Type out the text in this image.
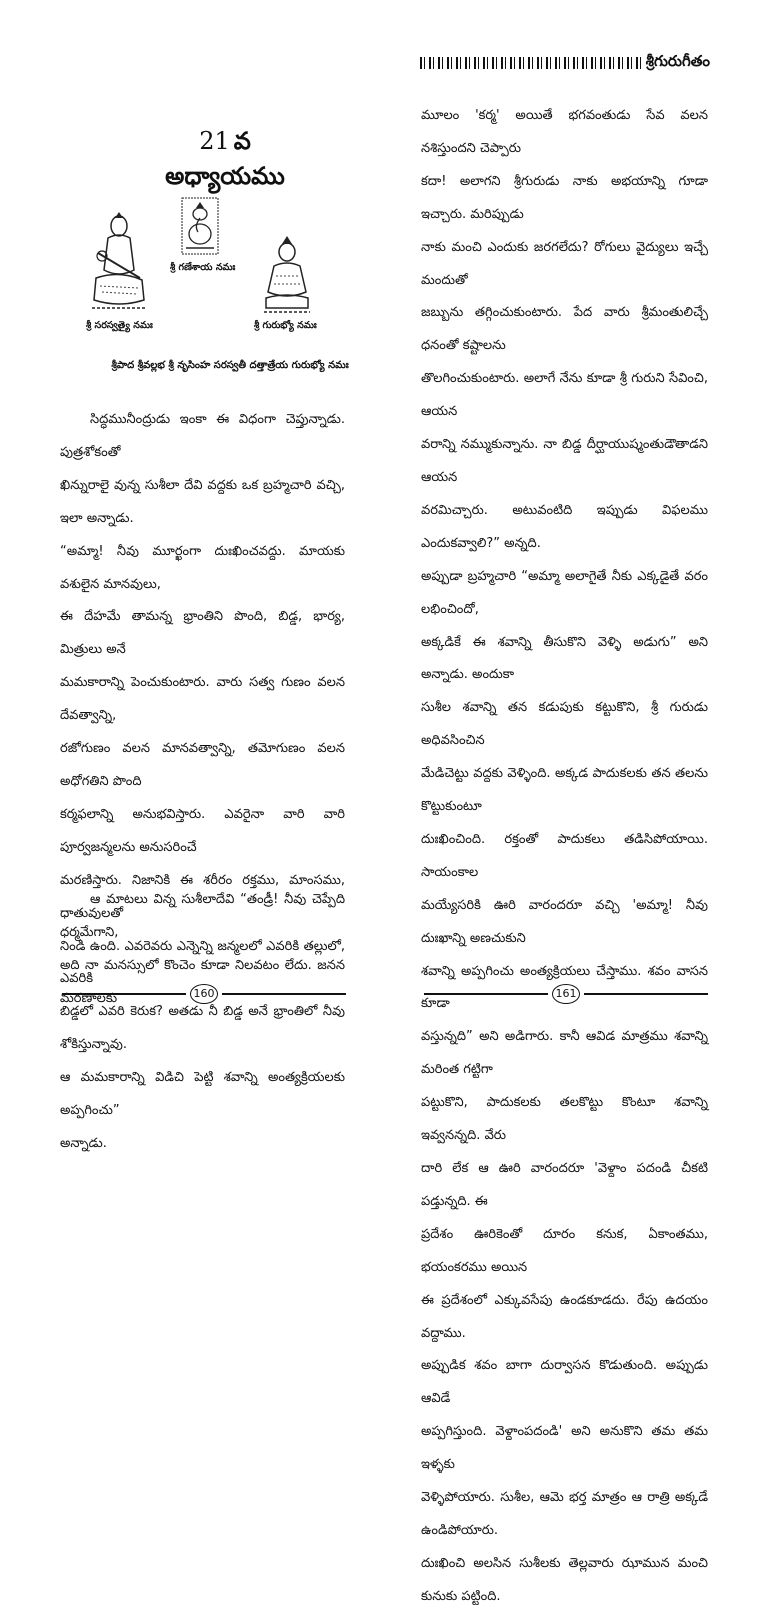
21 వ అధ్యాయము
శ్రీ సరస్వత్యై నమః
శ్రీ గణేశాయ నమః
శ్రీ గురుభ్యో నమః
శ్రీపాద శ్రీవల్లభ శ్రీ నృసింహ సరస్వతీ దత్తాత్రేయ గురుభ్యో నమః

సిద్ధమునీంద్రుడు ఇంకా ఈ విధంగా చెప్తున్నాడు. పుత్రశోకంతో

ఖిన్నురాలై వున్న సుశీలా దేవి వద్దకు ఒక బ్రహ్మచారి వచ్చి, ఇలా అన్నాడు.

“అమ్మా! నీవు మూర్ఖంగా దుఃఖించవద్దు. మాయకు వశులైన మానవులు,

ఈ దేహమే తామన్న భ్రాంతిని పొంది, బిడ్డ, భార్య, మిత్రులు అనే

మమకారాన్ని పెంచుకుంటారు. వారు సత్వ గుణం వలన దేవత్వాన్ని,

రజోగుణం వలన మానవత్వాన్ని, తమోగుణం వలన అధోగతిని పొంది

కర్మఫలాన్ని అనుభవిస్తారు. ఎవరైనా వారి వారి పూర్వజన్మలను అనుసరించే

మరణిస్తారు. నిజానికి ఈ శరీరం రక్తము, మాంసము, ధాతువులతో

నిండి ఉంది. ఎవరెవరు ఎన్నెన్ని జన్మలలో ఎవరికి తల్లులో, ఎవరికి

బిడ్డలో ఎవరి కెరుక? అతడు నీ బిడ్డ అనే భ్రాంతిలో నీవు శోకిస్తున్నావు.

ఆ మమకారాన్ని విడిచి పెట్టి శవాన్ని అంత్యక్రియలకు అప్పగించు”

అన్నాడు.

ఆ మాటలు విన్న సుశీలాదేవి “తండ్రీ! నీవు చెప్పేది ధర్మమేగాని,

అది నా మనస్సులో కొంచెం కూడా నిలవటం లేదు. జనన మరణాలకు	160
శ్రీగురుగీతం

మూలం 'కర్మ' అయితే భగవంతుడు సేవ వలన నశిస్తుందని చెప్పారు

కదా! అలాగని శ్రీగురుడు నాకు అభయాన్ని గూడా ఇచ్చారు. మరిప్పుడు

నాకు మంచి ఎందుకు జరగలేదు? రోగులు వైద్యులు ఇచ్చే మందుతో

జబ్బును తగ్గించుకుంటారు. పేద వారు శ్రీమంతులిచ్చే ధనంతో కష్టాలను

తొలగించుకుంటారు. అలాగే నేను కూడా శ్రీ గురుని సేవించి, ఆయన

వరాన్ని నమ్ముకున్నాను. నా బిడ్డ దీర్ఘాయుష్మంతుడౌతాడని ఆయన

వరమిచ్చారు. అటువంటిది ఇప్పుడు విఫలము ఎందుకవ్వాలి?” అన్నది.

అప్పుడా బ్రహ్మచారి “అమ్మా అలాగైతే నీకు ఎక్కడైతే వరం లభించిందో,

అక్కడికే ఈ శవాన్ని తీసుకొని వెళ్ళి అడుగు” అని అన్నాడు. అందుకా

సుశీల శవాన్ని తన కడుపుకు కట్టుకొని, శ్రీ గురుడు అధివసించిన

మేడిచెట్టు వద్దకు వెళ్ళింది. అక్కడ పాదుకలకు తన తలను కొట్టుకుంటూ

దుఃఖించింది. రక్తంతో పాదుకలు తడిసిపోయాయి. సాయంకాల

మయ్యేసరికి ఊరి వారందరూ వచ్చి 'అమ్మా! నీవు దుఃఖాన్ని అణచుకుని

శవాన్ని అప్పగించు అంత్యక్రియలు చేస్తాము. శవం వాసన కూడా

వస్తున్నది” అని అడిగారు. కానీ ఆవిడ మాత్రము శవాన్ని మరింత గట్టిగా

పట్టుకొని, పాదుకలకు తలకొట్టు కొంటూ శవాన్ని ఇవ్వనన్నది. వేరు

దారి లేక ఆ ఊరి వారందరూ 'వెళ్దాం పదండి చీకటి పడ్తున్నది. ఈ

ప్రదేశం ఊరికెంతో దూరం కనుక, ఏకాంతము, భయంకరము అయిన

ఈ ప్రదేశంలో ఎక్కువసేపు ఉండకూడదు. రేపు ఉదయం వద్దాము.

అప్పుడిక శవం బాగా దుర్వాసన కొడుతుంది. అప్పుడు ఆవిడే

అప్పగిస్తుంది. వెళ్దాంపదండి' అని అనుకొని తమ తమ ఇళ్ళకు

వెళ్ళిపోయారు. సుశీల, ఆమె భర్త మాత్రం ఆ రాత్రి అక్కడే ఉండిపోయారు.

దుఃఖించి అలసిన సుశీలకు తెల్లవారు ఝామున మంచి కునుకు పట్టింది.

161
